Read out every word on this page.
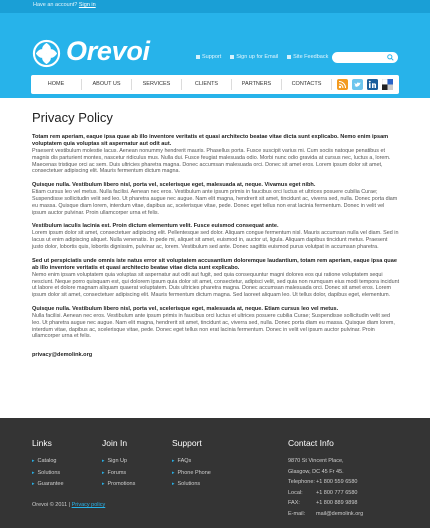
Have an account? Sign in
Orevoi	Support	Sign up for Email	Site Feedback
HOME	ABOUT US	SERVICES	CLIENTS	PARTNERS	CONTACTS
Privacy Policy
Totam rem aperiam, eaque ipsa quae ab illo inventore veritatis et quasi architecto beatae vitae dicta sunt explicabo. Nemo enim ipsam voluptatem quia voluptas sit aspernatur aut odit aut.
Praesent vestibulum molestie lacus. Aenean nonummy hendrerit mauris. Phasellus porta. Fusce suscipit varius mi. Cum sociis natoque penatibus et magnis dis parturient montes, nascetur ridiculus mus. Nulla dui. Fusce feugiat malesuada odio. Morbi nunc odio gravida at cursus nec, luctus a, lorem. Maecenas tristique orci ac sem. Duis ultricies pharetra magna. Donec accumsan malesuada orci. Donec sit amet eros. Lorem ipsum dolor sit amet, consectetuer adipiscing elit. Mauris fermentum dictum magna.
Quisque nulla. Vestibulum libero nisl, porta vel, scelerisque eget, malesuada at, neque. Vivamus eget nibh.
Etiam cursus leo vel metus. Nulla facilisi. Aenean nec eros. Vestibulum ante ipsum primis in faucibus orci luctus et ultrices posuere cubilia Curae; Suspendisse sollicitudin velit sed leo. Ut pharetra augue nec augue. Nam elit magna, hendrerit sit amet, tincidunt ac, viverra sed, nulla. Donec porta diam eu massa. Quisque diam lorem, interdum vitae, dapibus ac, scelerisque vitae, pede. Donec eget tellus non erat lacinia fermentum. Donec in velit vel ipsum auctor pulvinar. Proin ullamcorper urna et felis.
Vestibulum iaculis lacinia est. Proin dictum elementum velit. Fusce euismod consequat ante.
Lorem ipsum dolor sit amet, consectetuer adipiscing elit. Pellentesque sed dolor. Aliquam congue fermentum nisl. Mauris accumsan nulla vel diam. Sed in lacus ut enim adipiscing aliquet. Nulla venenatis. In pede mi, aliquet sit amet, euismod in, auctor ut, ligula. Aliquam dapibus tincidunt metus. Praesent justo dolor, lobortis quis, lobortis dignissim, pulvinar ac, lorem. Vestibulum sed ante. Donec sagittis euismod purus volutpat in accumsan pharetra.
Sed ut perspiciatis unde omnis iste natus error sit voluptatem accusantium doloremque laudantium, totam rem aperiam, eaque ipsa quae ab illo inventore veritatis et quasi architecto beatae vitae dicta sunt explicabo.
Nemo enim ipsam voluptatem quia voluptas sit aspernatur aut odit aut fugit, sed quia consequuntur magni dolores eos qui ratione voluptatem sequi nesciunt. Neque porro quisquam est, qui dolorem ipsum quia dolor sit amet, consectetur, adipisci velit, sed quia non numquam eius modi tempora incidunt ut labore et dolore magnam aliquam quaerat voluptatem. Duis ultricies pharetra magna. Donec accumsan malesuada orci. Donec sit amet eros. Lorem ipsum dolor sit amet, consectetuer adipiscing elit. Mauris fermentum dictum magna. Sed laoreet aliquam leo. Ut tellus dolor, dapibus eget, elementum.
Quisque nulla. Vestibulum libero nisl, porta vel, scelerisque eget, malesuada at, neque. Etiam cursus leo vel metus.
Nulla facilisi. Aenean nec eros. Vestibulum ante ipsum primis in faucibus orci luctus et ultrices posuere cubilia Curae; Suspendisse sollicitudin velit sed leo. Ut pharetra augue nec augue. Nam elit magna, hendrerit sit amet, tincidunt ac, viverra sed, nulla. Donec porta diam eu massa. Quisque diam lorem, interdum vitae, dapibus ac, scelerisque vitae, pede. Donec eget tellus non erat lacinia fermentum. Donec in velit vel ipsum auctor pulvinar. Proin ullamcorper urna et felis.
privacy@demolink.org
Links
▸ Catalog
▸ Solutions
▸ Guarantee
Join In
▸ Sign Up
▸ Forums
▸ Promotions
Support
▸ FAQs
▸ Phone Phone
▸ Solutions
Contact Info
9870 St Vincent Place,
Glasgow, DC 45 Fr 45.
Telephone:+1 800 559 6580
Local: +1 800 777 6580
FAX:	+1 800 889 9898
E-mail: mail@demolink.org
Orevoi © 2011 | Privacy policy
